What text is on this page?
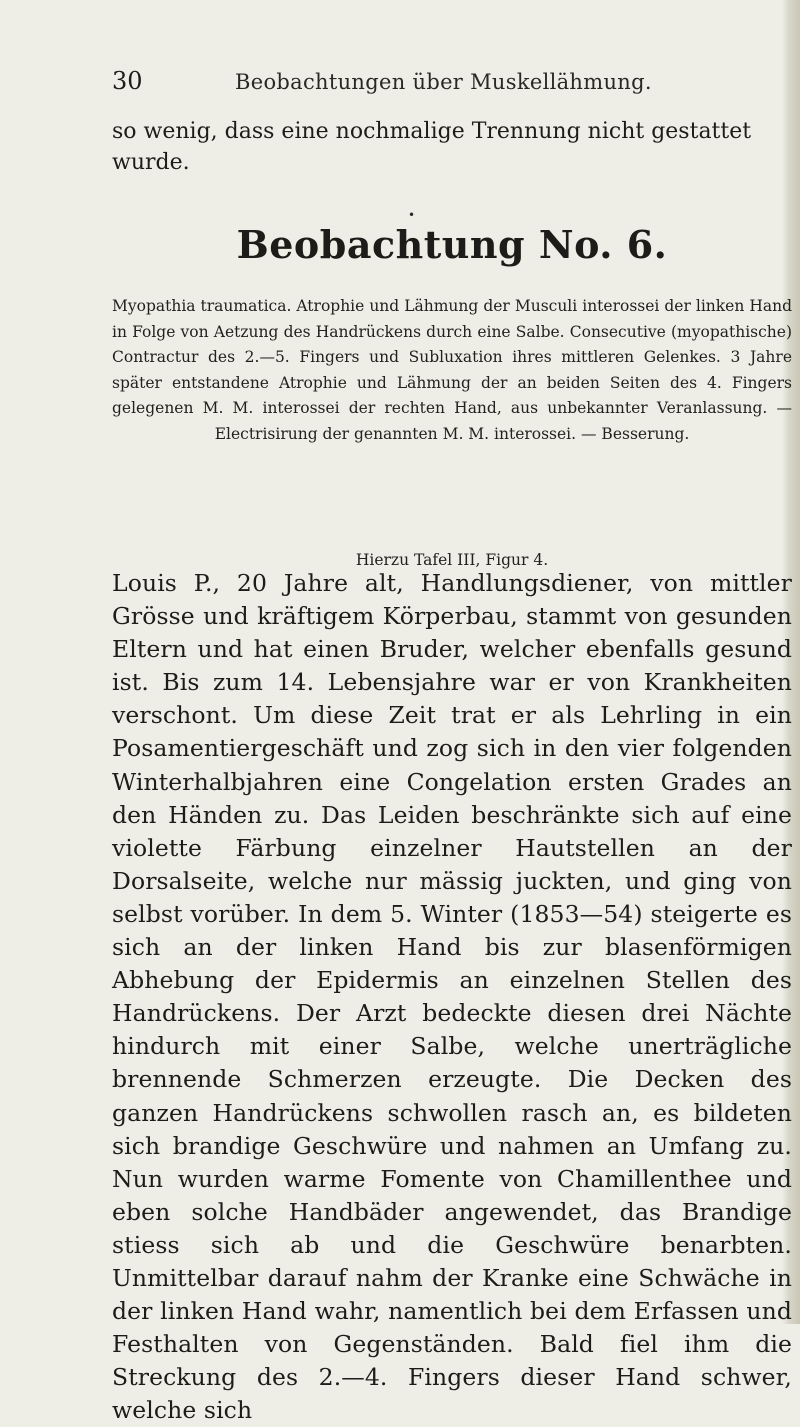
30	Beobachtungen über Muskellähmung.

so wenig, dass eine nochmalige Trennung nicht gestattet wurde.

•
Beobachtung No. 6.

Myopathia traumatica. Atrophie und Lähmung der Musculi interossei der linken Hand in Folge von Aetzung des Handrückens durch eine Salbe. Consecutive (myopathische) Contractur des 2.—5. Fingers und Subluxation ihres mittleren Gelenkes. 3 Jahre später entstandene Atrophie und Lähmung der an beiden Seiten des 4. Fingers gelegenen M. M. interossei der rechten Hand, aus unbekannter Veranlassung. — Electrisirung der genannten M. M. interossei. — Besserung.

Hierzu Tafel III, Figur 4.

Louis P., 20 Jahre alt, Handlungsdiener, von mittler Grösse und kräftigem Körperbau, stammt von gesunden Eltern und hat einen Bruder, welcher ebenfalls gesund ist. Bis zum 14. Lebensjahre war er von Krankheiten verschont. Um diese Zeit trat er als Lehrling in ein Posamentiergeschäft und zog sich in den vier folgenden Winterhalbjahren eine Congelation ersten Grades an den Händen zu. Das Leiden beschränkte sich auf eine violette Färbung einzelner Hautstellen an der Dorsalseite, welche nur mässig juckten, und ging von selbst vorüber. In dem 5. Winter (1853—54) steigerte es sich an der linken Hand bis zur blasenförmigen Abhebung der Epidermis an einzelnen Stellen des Handrückens. Der Arzt bedeckte diesen drei Nächte hindurch mit einer Salbe, welche unerträgliche brennende Schmerzen erzeugte. Die Decken des ganzen Handrückens schwollen rasch an, es bildeten sich brandige Geschwüre und nahmen an Umfang zu. Nun wurden warme Fomente von Chamillenthee und eben solche Handbäder angewendet, das Brandige stiess sich ab und die Geschwüre benarbten. Unmittelbar darauf nahm der Kranke eine Schwäche in der linken Hand wahr, namentlich bei dem Erfassen und Festhalten von Gegenständen. Bald fiel ihm die Streckung des 2.—4. Fingers dieser Hand schwer, welche sich
